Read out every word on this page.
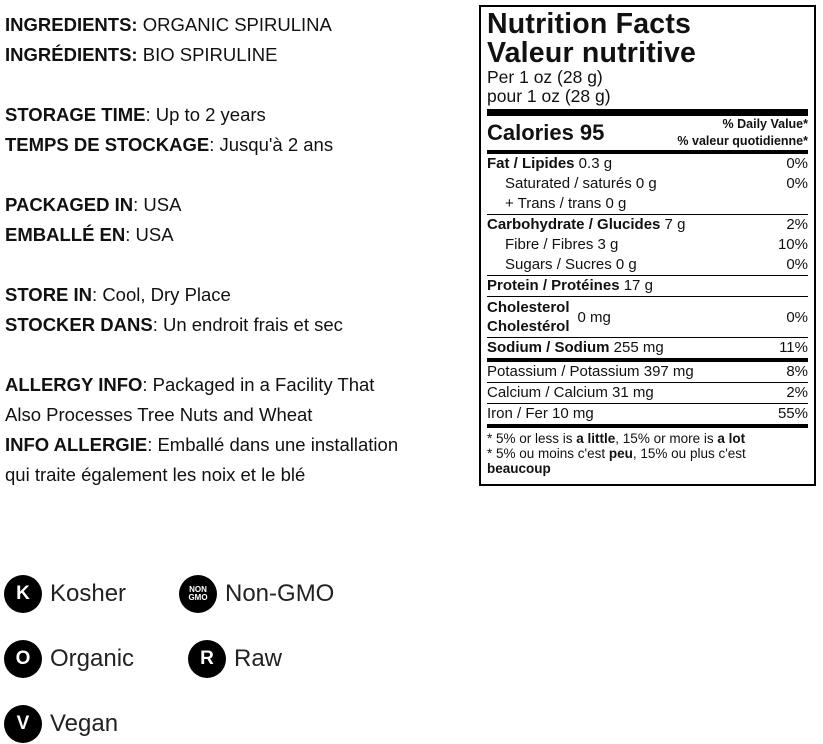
INGREDIENTS: ORGANIC SPIRULINA

INGRÉDIENTS: BIO SPIRULINE

STORAGE TIME: Up to 2 years

TEMPS DE STOCKAGE: Jusqu'à 2 ans

PACKAGED IN: USA

EMBALLÉ EN: USA

STORE IN: Cool, Dry Place

STOCKER DANS: Un endroit frais et sec

ALLERGY INFO: Packaged in a Facility That

Also Processes Tree Nuts and Wheat

INFO ALLERGIE: Emballé dans une installation

qui traite également les noix et le blé

Nutrition Facts
Valeur nutritive
Per 1 oz (28 g)
pour 1 oz (28 g)
Calories 95	% Daily Value*
% valeur quotidienne*
Fat / Lipides 0.3 g	0%
Saturated / saturés 0 g	0%
+ Trans / trans 0 g
Carbohydrate / Glucides 7 g	2%
Fibre / Fibres 3 g	10%
Sugars / Sucres 0 g	0%
Protein / Protéines 17 g
Cholesterol
Cholestérol
0 mg	0%
Sodium / Sodium 255 mg	11%
Potassium / Potassium 397 mg	8%
Calcium / Calcium 31 mg	2%
Iron / Fer 10 mg	55%
* 5% or less is a little, 15% or more is a lot
* 5% ou moins c'est peu, 15% ou plus c'est
beaucoup
K Kosher	NON
GMO Non-GMO
O Organic	R Raw
V Vegan
